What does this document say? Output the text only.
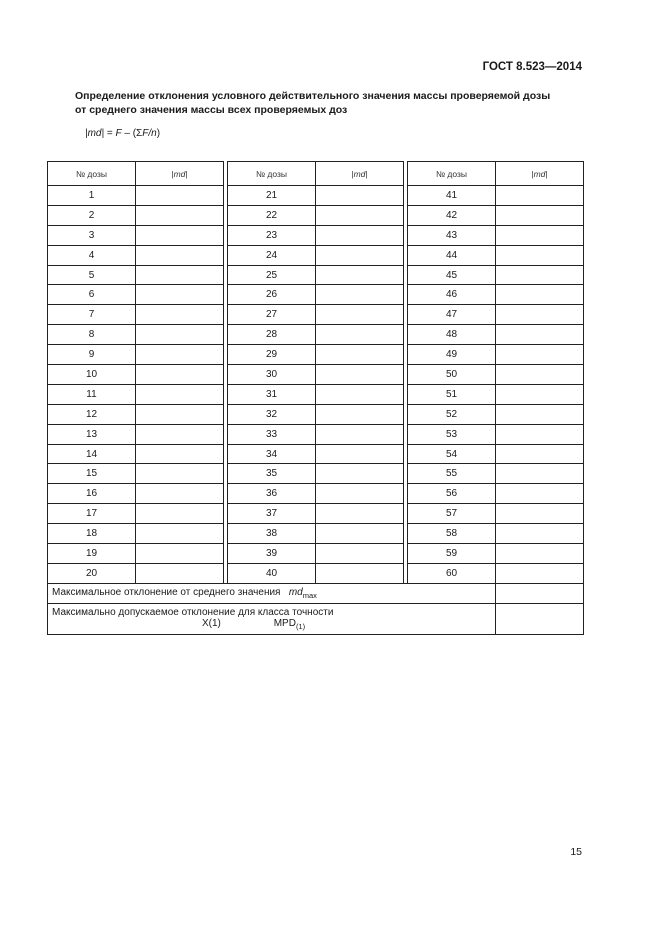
ГОСТ 8.523—2014
Определение отклонения условного действительного значения массы проверяемой дозы
от среднего значения массы всех проверяемых доз
|md| = F – (ΣF/n)
№ дозы	|md|		№ дозы	|md|		№ дозы	|md|
1			21			41	
2			22			42	
3			23			43	
4			24			44	
5			25			45	
6			26			46	
7			27			47	
8			28			48	
9			29			49	
10			30			50	
11			31			51	
12			32			52	
13			33			53	
14			34			54	
15			35			55	
16			36			56	
17			37			57	
18			38			58	
19			39			59	
20			40			60	
Максимальное отклонение от среднего значения $md_{max}$	
Максимально допускаемое отклонение для класса точности
X(1) $MPD_{(1)}$

15
